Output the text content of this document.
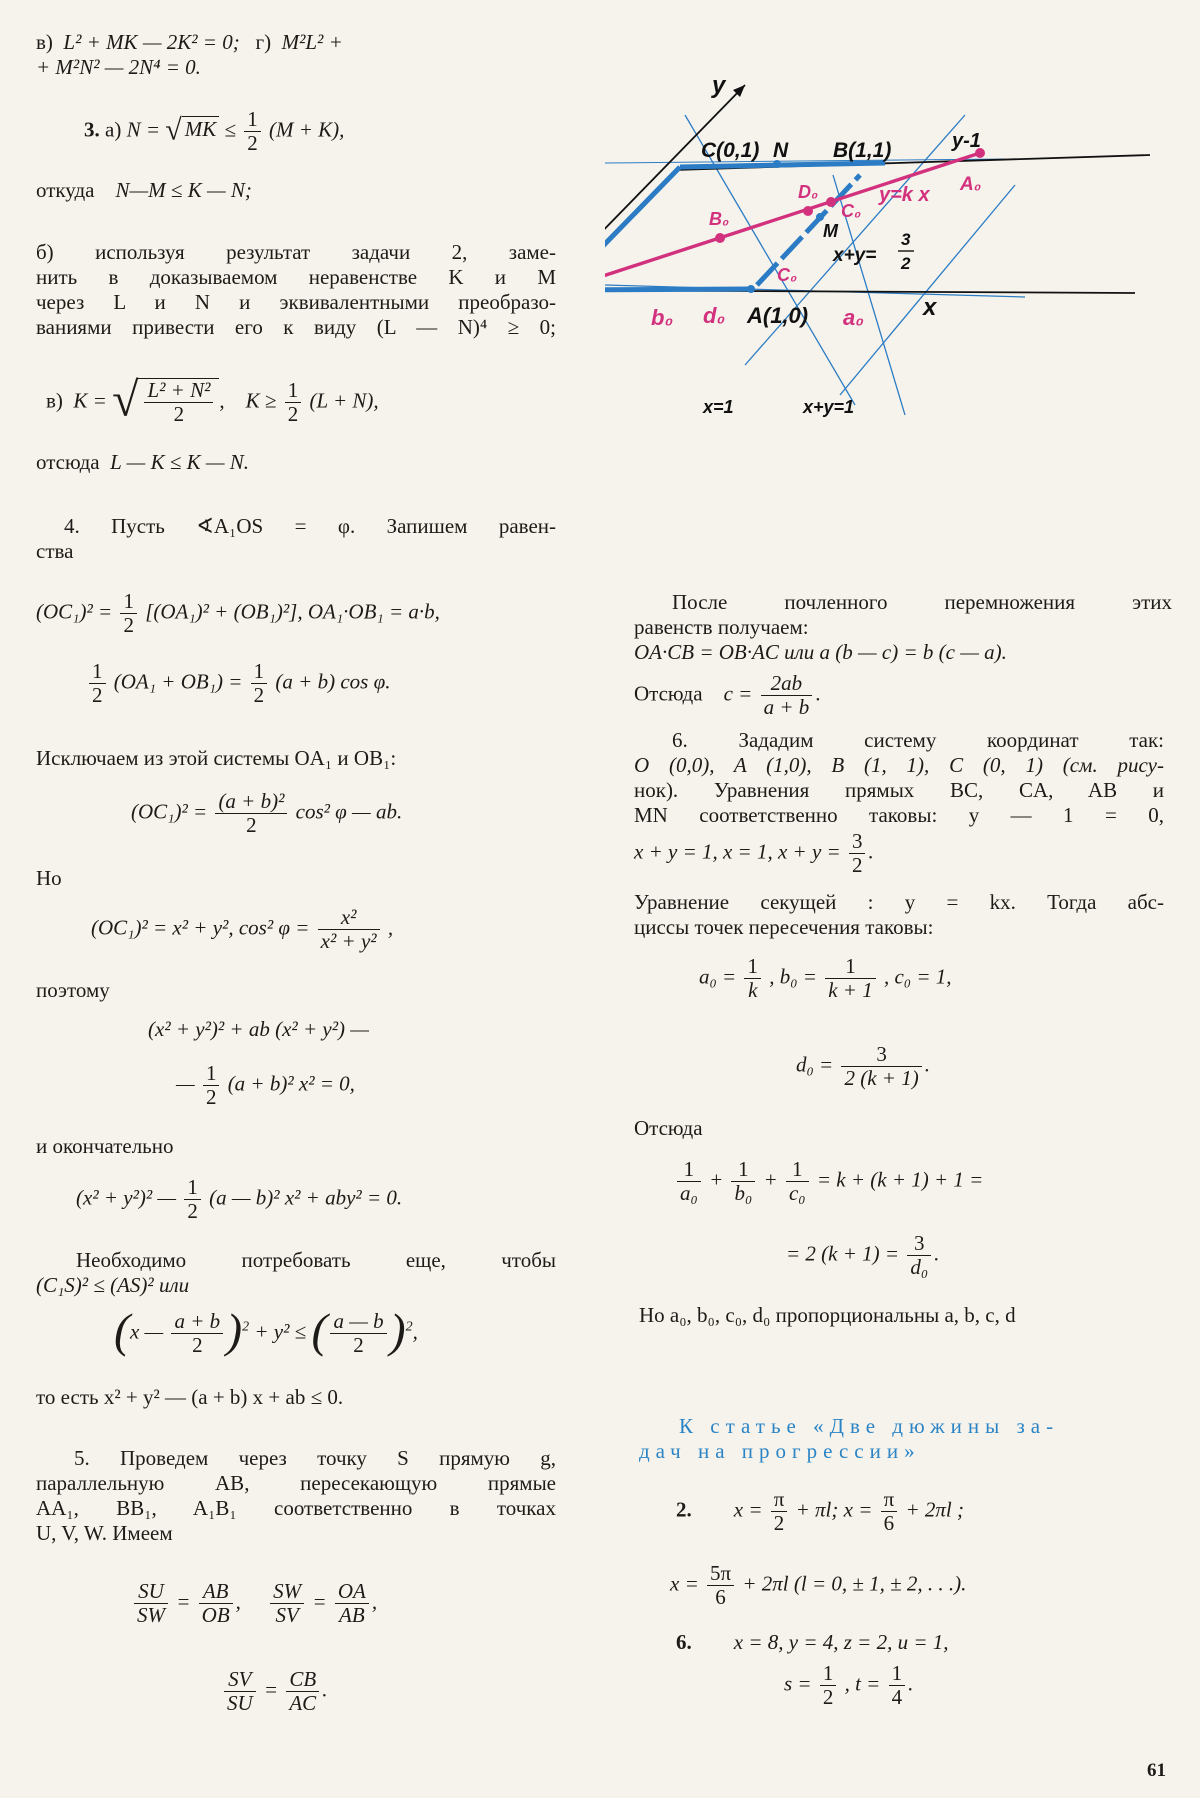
в) L² + MK — 2K² = 0; г) M²L² +
+ M²N² — 2N⁴ = 0.
3. а) N = √ MK ≤ $\frac{1}{2} (M + K)$,
откуда N—M ≤ K — N;
б) используя результат задачи 2, заме-
нить в доказываемом неравенстве K и M
через L и N и эквивалентными преобразо-
ваниями привести его к виду (L — N)⁴ ≥ 0;
в) K = √ $\frac{\text{L² + N²}}{2}$ , $K \ge \frac{1}{2} (L + N)$,
отсюда L — K ≤ K — N.
4. Пусть ∢A₁OS = φ. Запишем равен-
ства
$(OC_1)^2 = \frac{1}{2} [(OA_1)^2 + (OB_1)^2]$, OA₁·OB₁ = a·b,
$\frac{1}{2} (OA_1 + OB_1) = \frac{1}{2} (a + b)$ cos φ.
Исключаем из этой системы OA₁ и OB₁:
$(OC_1)^2 = \frac{\text{(a + b)²}}{2} \cos^2$ φ — ab.
Но
(OC₁)² = x² + y², cos² $\varphi = \frac{\text{x²}}{\text{x² + y²}}$ ,
поэтому
(x² + y²)² + ab (x² + y²) —
— $\frac{1}{2} (a + b)^2$ x² = 0,
и окончательно
(x² + y²)² — $\frac{1}{2} (a$ — b)² x² + aby² = 0.
Необходимо потребовать еще, чтобы
(C₁S)² ≤ (AS)² или
(x — $\frac{a + b}{2} )^2 + y^2$ ≤ ( $\frac{a — b}{2} )^2$,
то есть x² + y² — (a + b) x + ab ≤ 0.
5. Проведем через точку S прямую g,
параллельную AB, пересекающую прямые
AA₁, BB₁, A₁B₁ соответственно в точках
U, V, W. Имеем
$\frac{SU}{SW} = \frac{AB}{OB}$ , $\frac{SW}{SV} = \frac{OA}{AB}$ ,
$\frac{SV}{SU} = \frac{CB}{AC}$ .
y
x
C(0,1) N B(1,1)	y-1
A₀
D₀
C₀
y=k x
B₀
M
x+y=
3
2
C₀
A(1,0)
b₀ d₀	a₀
x=1	x+y=1
После почленного перемножения этих
равенств получаем:
OA·CB = OB·AC или a (b — c) = b (c — a).
Отсюда $c = \frac{2ab}{a + b}$ .
6. Зададим систему координат так:
O (0,0), A (1,0), B (1, 1), C (0, 1) (см. рису-
нок). Уравнения прямых BC, CA, AB и
MN соответственно таковы: y — 1 = 0,
x + y = 1, x = 1, $x + y = \frac{3}{2}$ .
Уравнение секущей : y = kx. Тогда абс-
циссы точек пересечения таковы:
$a_0 = \frac{1}{k}$ , $b_0 = \frac{1}{k + 1}$ , c₀ = 1,
$d_0 = \frac{3}{2 (k + 1)}$ .
Отсюда
$\frac{1}{\text{a₀}} + \frac{1}{\text{b₀}} + \frac{1}{\text{c₀}} = k + (k + 1) + 1$ =
= 2 $(k + 1) = \frac{3}{\text{d₀}}$ .
Но a₀, b₀, c₀, d₀ пропорциональны a, b, c, d
К статье «Две дюжины за-
дач на прогрессии»
2. $x = \frac{\pi}{2} + \pi l$; $x = \frac{\pi}{6} + 2\pi l$ ;
$x = \frac{5\pi}{6} + 2\pi l$ (l = 0, ± 1, ± 2, . . .).
6. x = 8, y = 4, z = 2, u = 1,
$s = \frac{1}{2}$ , $t = \frac{1}{4}$ .
61
